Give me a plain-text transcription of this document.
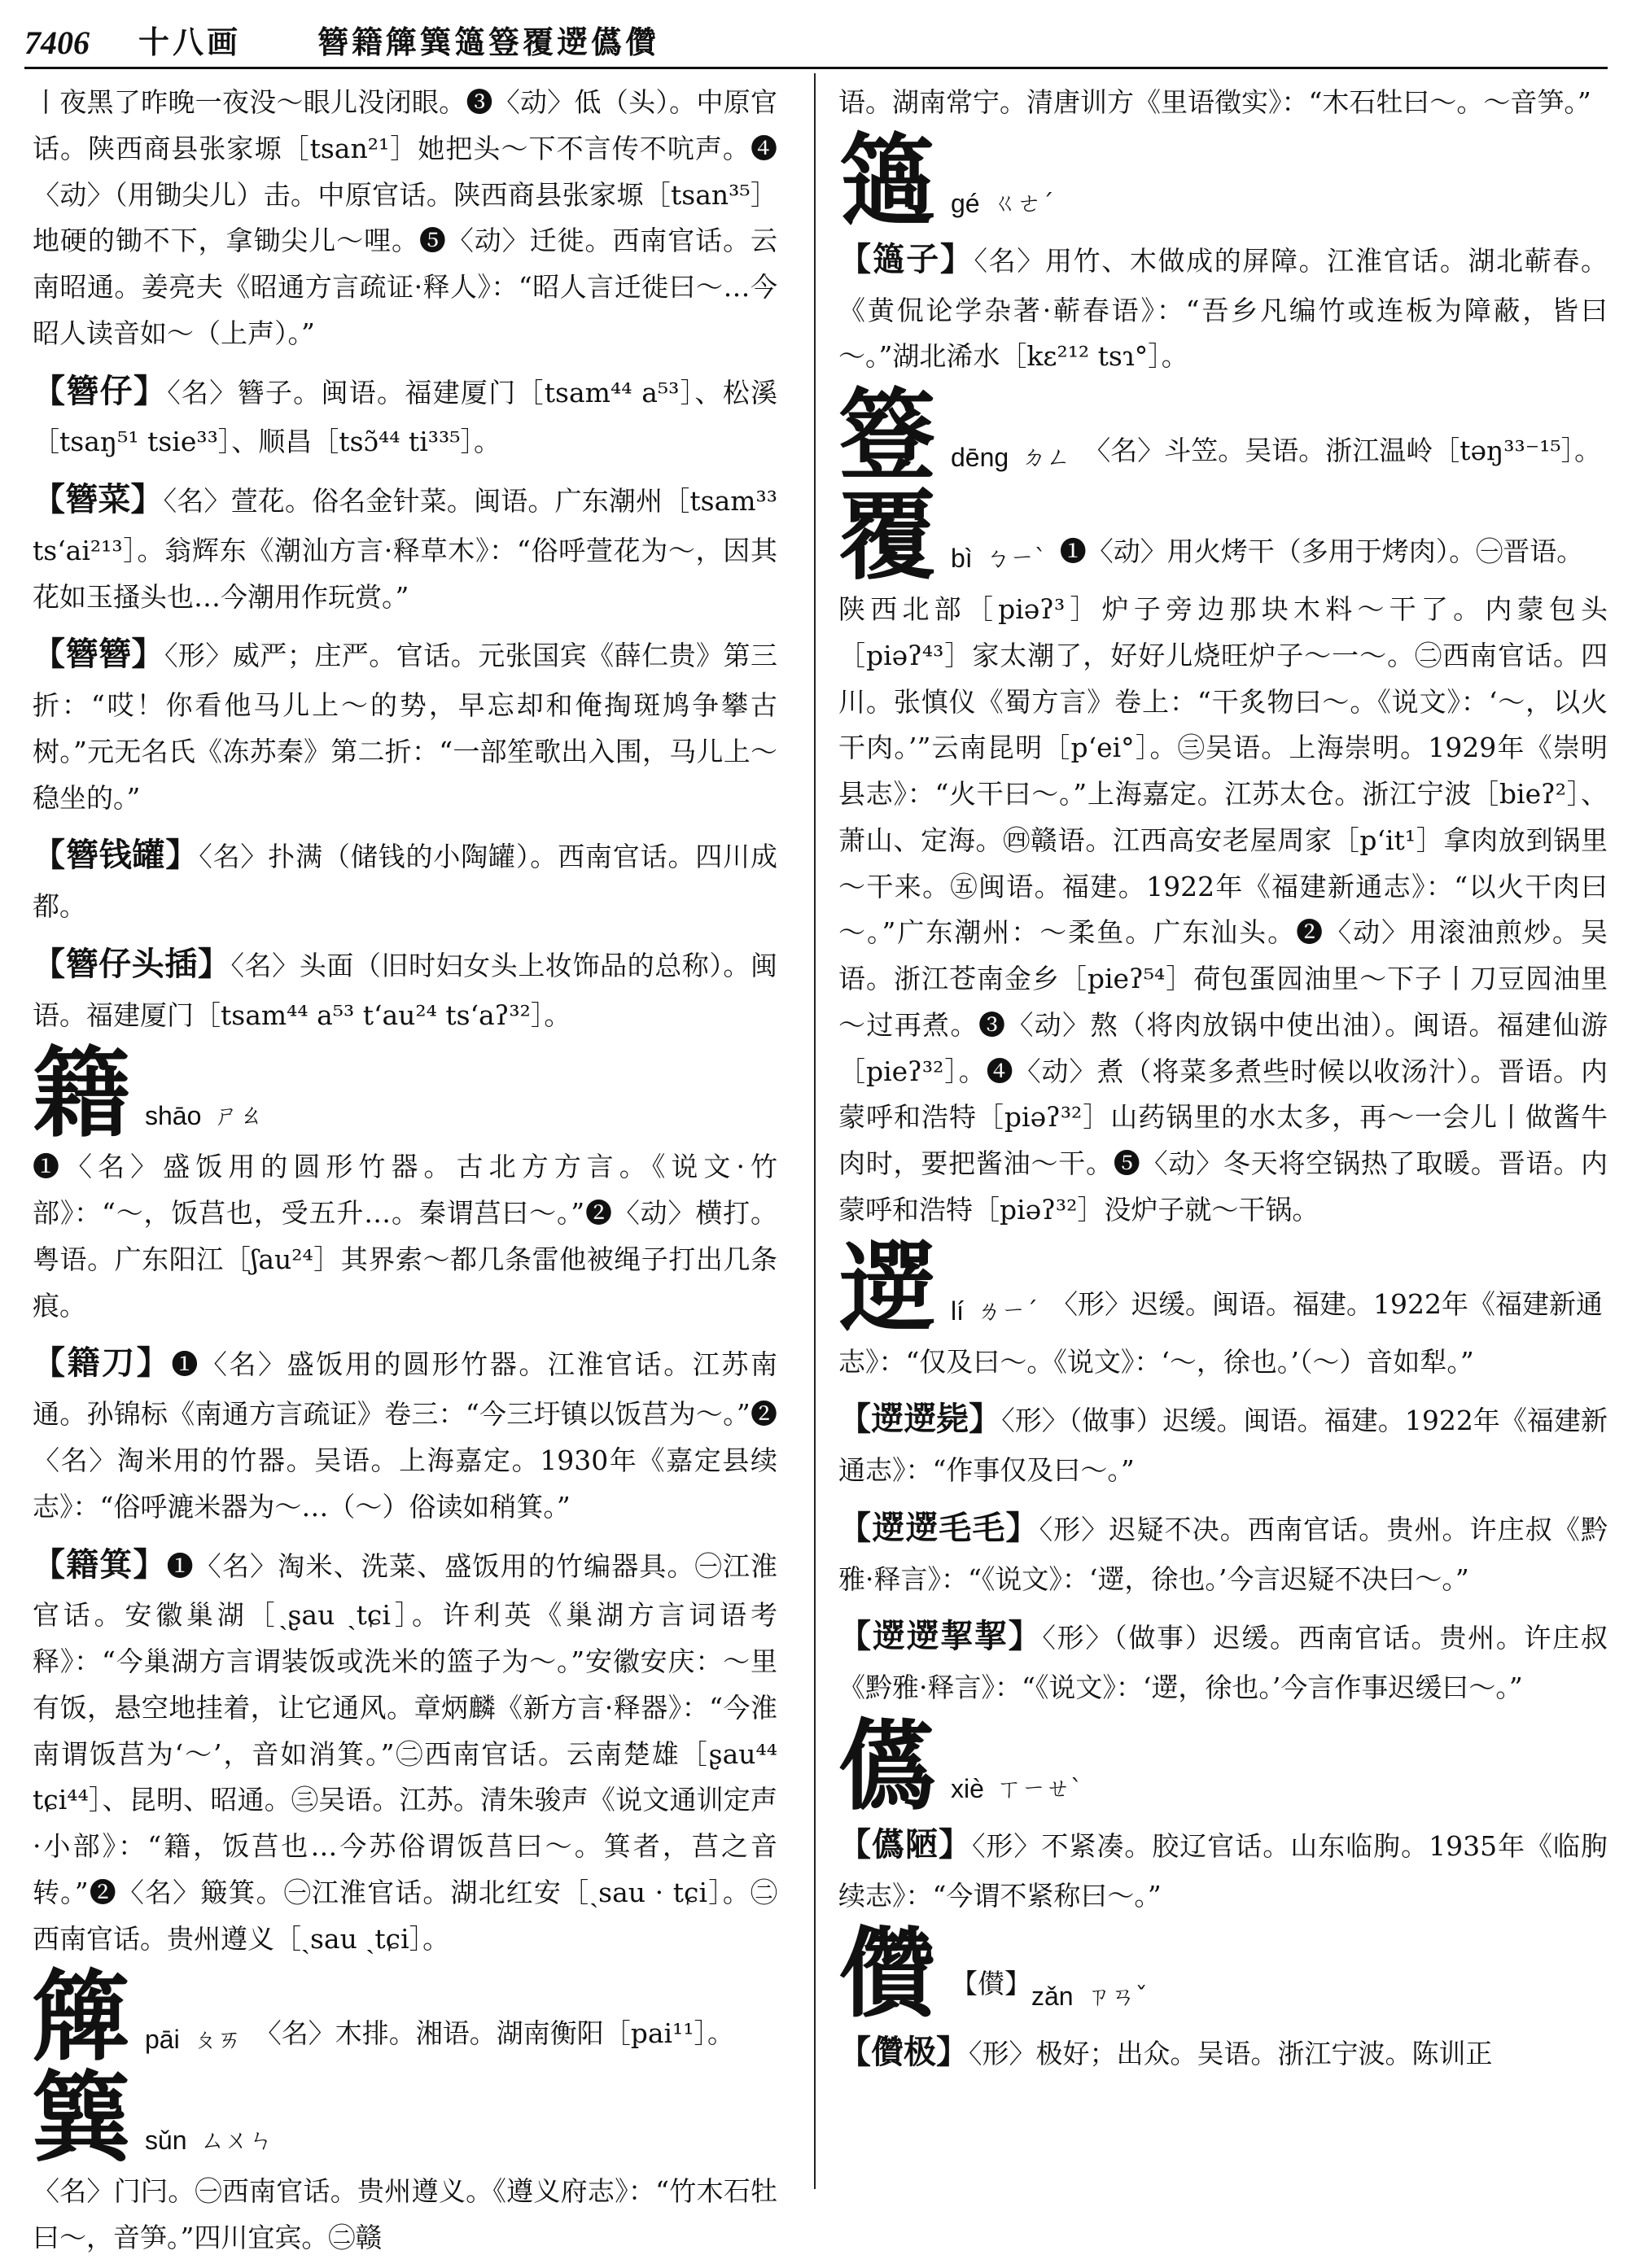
7406	十八画	簪籍簰簨簻簦覆遻儰儹
丨夜黑了昨晚一夜没～眼儿没闭眼。❸〈动〉低（头）。中原官话。陕西商县张家塬［tsan²¹］她把头～下不言传不吭声。❹〈动〉（用锄尖儿）击。中原官话。陕西商县张家塬［tsan³⁵］地硬的锄不下，拿锄尖儿～哩。❺〈动〉迁徙。西南官话。云南昭通。姜亮夫《昭通方言疏证·释人》：“昭人言迁徙曰～…今昭人读音如～（上声）。”
【簪仔】〈名〉簪子。闽语。福建厦门［tsam⁴⁴ a⁵³］、松溪［tsaŋ⁵¹ tsie³³］、顺昌［tsɔ̃⁴⁴ ti³³⁵］。
【簪菜】〈名〉萱花。俗名金针菜。闽语。广东潮州［tsam³³ tsʻai²¹³］。翁辉东《潮汕方言·释草木》：“俗呼萱花为～，因其花如玉搔头也…今潮用作玩赏。”
【簪簪】〈形〉威严；庄严。官话。元张国宾《薛仁贵》第三折：“哎！你看他马儿上～的势，早忘却和俺掏斑鸠争攀古树。”元无名氏《冻苏秦》第二折：“一部笙歌出入围，马儿上～稳坐的。”
【簪钱罐】〈名〉扑满（储钱的小陶罐）。西南官话。四川成都。
【簪仔头插】〈名〉头面（旧时妇女头上妆饰品的总称）。闽语。福建厦门［tsam⁴⁴ a⁵³ tʻau²⁴ tsʻaʔ³²］。
籍 shāo ㄕㄠ
❶〈名〉盛饭用的圆形竹器。古北方方言。《说文·竹部》：“～，饭莒也，受五升…。秦谓莒曰～。”❷〈动〉横打。粤语。广东阳江［ʃau²⁴］其界索～都几条雷他被绳子打出几条痕。
【籍刀】❶〈名〉盛饭用的圆形竹器。江淮官话。江苏南通。孙锦标《南通方言疏证》卷三：“今三圩镇以饭莒为～。”❷〈名〉淘米用的竹器。吴语。上海嘉定。1930年《嘉定县续志》：“俗呼漉米器为～…（～）俗读如稍箕。”
【籍箕】❶〈名〉淘米、洗菜、盛饭用的竹编器具。㊀江淮官话。安徽巢湖［ˏʂau ˏtɕi］。许利英《巢湖方言词语考释》：“今巢湖方言谓装饭或洗米的篮子为～。”安徽安庆：～里有饭，悬空地挂着，让它通风。章炳麟《新方言·释器》：“今淮南谓饭莒为‘～’，音如消箕。”㊁西南官话。云南楚雄［ʂau⁴⁴ tɕi⁴⁴］、昆明、昭通。㊂吴语。江苏。清朱骏声《说文通训定声·小部》：“籍，饭莒也…今苏俗谓饭莒曰～。箕者，莒之音转。”❷〈名〉簸箕。㊀江淮官话。湖北红安［ˏsau · tɕi］。㊁西南官话。贵州遵义［ˏsau ˏtɕi］。
簰 pāi ㄆㄞ 〈名〉木排。湘语。湖南衡阳［pai¹¹］。
簨 sǔn ㄙㄨㄣ
〈名〉门闩。㊀西南官话。贵州遵义。《遵义府志》：“竹木石牡曰～，音笋。”四川宜宾。㊁赣
语。湖南常宁。清唐训方《里语徵实》：“木石牡曰～。～音笋。”
簻 gé ㄍㄜˊ
【簻子】〈名〉用竹、木做成的屏障。江淮官话。湖北蕲春。《黄侃论学杂著·蕲春语》：“吾乡凡编竹或连板为障蔽，皆曰～。”湖北浠水［kɛ²¹² tsɿ°］。
簦 dēng ㄉㄥ 〈名〉斗笠。吴语。浙江温岭［təŋ³³⁻¹⁵］。
覆 bì ㄅㄧˋ ❶〈动〉用火烤干（多用于烤肉）。㊀晋语。
陕西北部［piəʔ³］炉子旁边那块木料～干了。内蒙包头［piəʔ⁴³］家太潮了，好好儿烧旺炉子～一～。㊁西南官话。四川。张慎仪《蜀方言》卷上：“干炙物曰～。《说文》：‘～，以火干肉。’”云南昆明［pʻei°］。㊂吴语。上海崇明。1929年《崇明县志》：“火干曰～。”上海嘉定。江苏太仓。浙江宁波［bieʔ²］、萧山、定海。㊃赣语。江西高安老屋周家［pʻit¹］拿肉放到锅里～干来。㊄闽语。福建。1922年《福建新通志》：“以火干肉曰～。”广东潮州：～柔鱼。广东汕头。❷〈动〉用滚油煎炒。吴语。浙江苍南金乡［pieʔ⁵⁴］荷包蛋囥油里～下子丨刀豆囥油里～过再煮。❸〈动〉熬（将肉放锅中使出油）。闽语。福建仙游［pieʔ³²］。❹〈动〉煮（将菜多煮些时候以收汤汁）。晋语。内蒙呼和浩特［piəʔ³²］山药锅里的水太多，再～一会儿丨做酱牛肉时，要把酱油～干。❺〈动〉冬天将空锅热了取暖。晋语。内蒙呼和浩特［piəʔ³²］没炉子就～干锅。
遻 lí ㄌㄧˊ 〈形〉迟缓。闽语。福建。1922年《福建新通
志》：“仅及曰～。《说文》：‘～，徐也。’（～）音如犁。”
【遻遻毙】〈形〉（做事）迟缓。闽语。福建。1922年《福建新通志》：“作事仅及曰～。”
【遻遻毛毛】〈形〉迟疑不决。西南官话。贵州。许庄叔《黔雅·释言》：“《说文》：‘遻，徐也。’今言迟疑不决曰～。”
【遻遻挈挈】〈形〉（做事）迟缓。西南官话。贵州。许庄叔《黔雅·释言》：“《说文》：‘遻，徐也。’今言作事迟缓曰～。”
儰 xiè ㄒㄧㄝˋ
【儰陋】〈形〉不紧凑。胶辽官话。山东临朐。1935年《临朐续志》：“今谓不紧称曰～。”
儹 【儧】 zǎn ㄗㄢˇ
【儹极】〈形〉极好；出众。吴语。浙江宁波。陈训正
